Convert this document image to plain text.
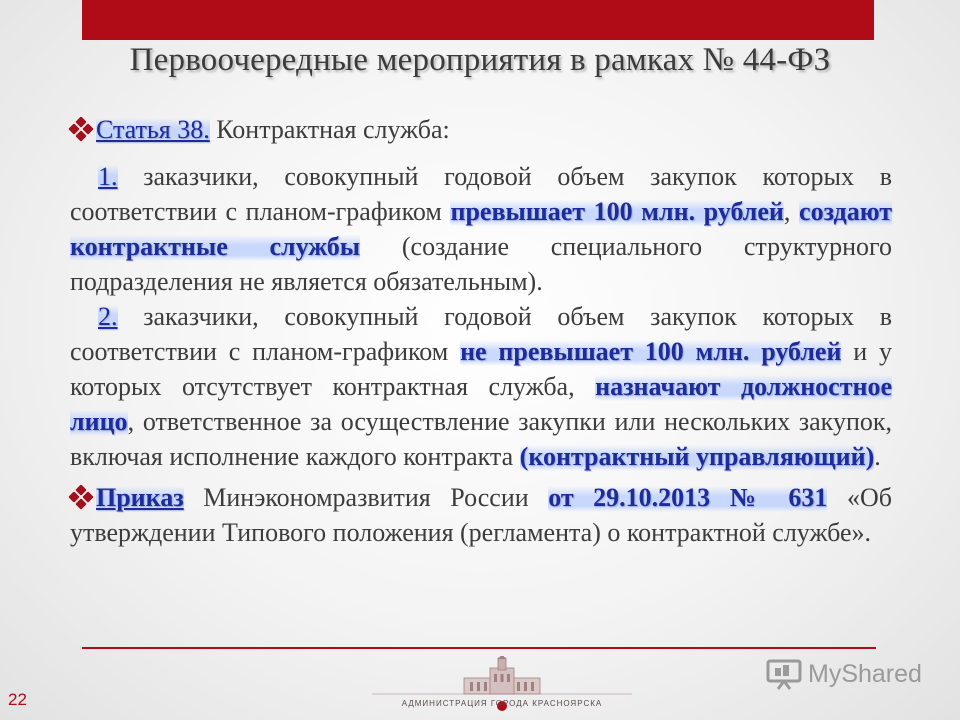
Первоочередные мероприятия в рамках № 44-ФЗ

Статья 38. Контрактная служба:

1. заказчики, совокупный годовой объем закупок которых в соответствии с планом-графиком превышает 100 млн. рублей, создают контрактные службы (создание специального структурного подразделения не является обязательным).

2. заказчики, совокупный годовой объем закупок которых в соответствии с планом-графиком не превышает 100 млн. рублей и у которых отсутствует контрактная служба, назначают должностное лицо, ответственное за осуществление закупки или нескольких закупок, включая исполнение каждого контракта (контрактный управляющий).

Приказ Минэкономразвития России от 29.10.2013 № 631 «Об утверждении Типового положения (регламента) о контрактной службе».

22	АДМИНИСТРАЦИЯ ГОРОДА КРАСНОЯРСКА
MyShared
